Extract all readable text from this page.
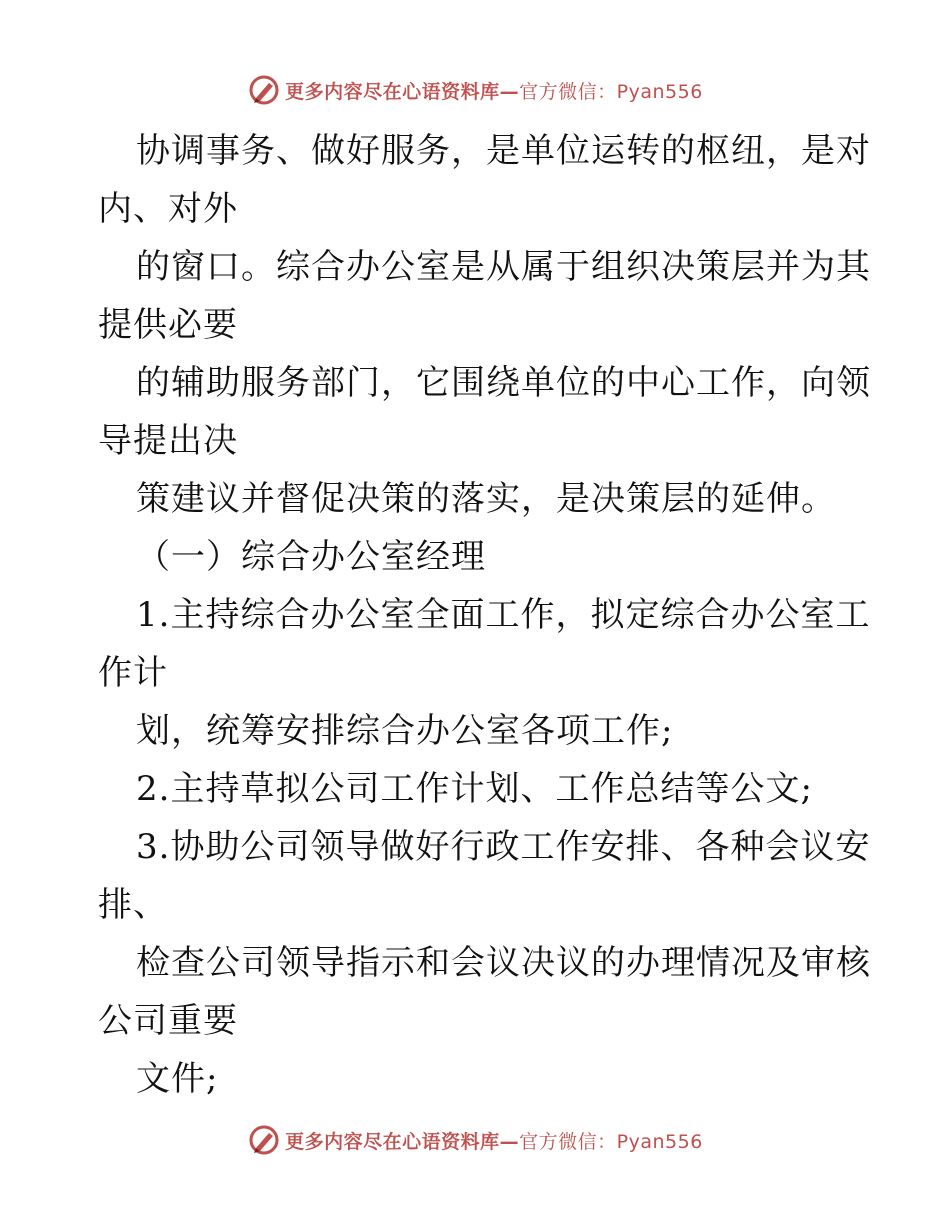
更多内容尽在心语资料库—官方微信：Pyan556
协调事务、做好服务，是单位运转的枢纽，是对
内、对外
的窗口。综合办公室是从属于组织决策层并为其
提供必要
的辅助服务部门，它围绕单位的中心工作，向领
导提出决
策建议并督促决策的落实，是决策层的延伸。
（一）综合办公室经理
1.主持综合办公室全面工作，拟定综合办公室工
作计
划，统筹安排综合办公室各项工作;
2.主持草拟公司工作计划、工作总结等公文;
3.协助公司领导做好行政工作安排、各种会议安
排、
检查公司领导指示和会议决议的办理情况及审核
公司重要
文件;
更多内容尽在心语资料库—官方微信：Pyan556
